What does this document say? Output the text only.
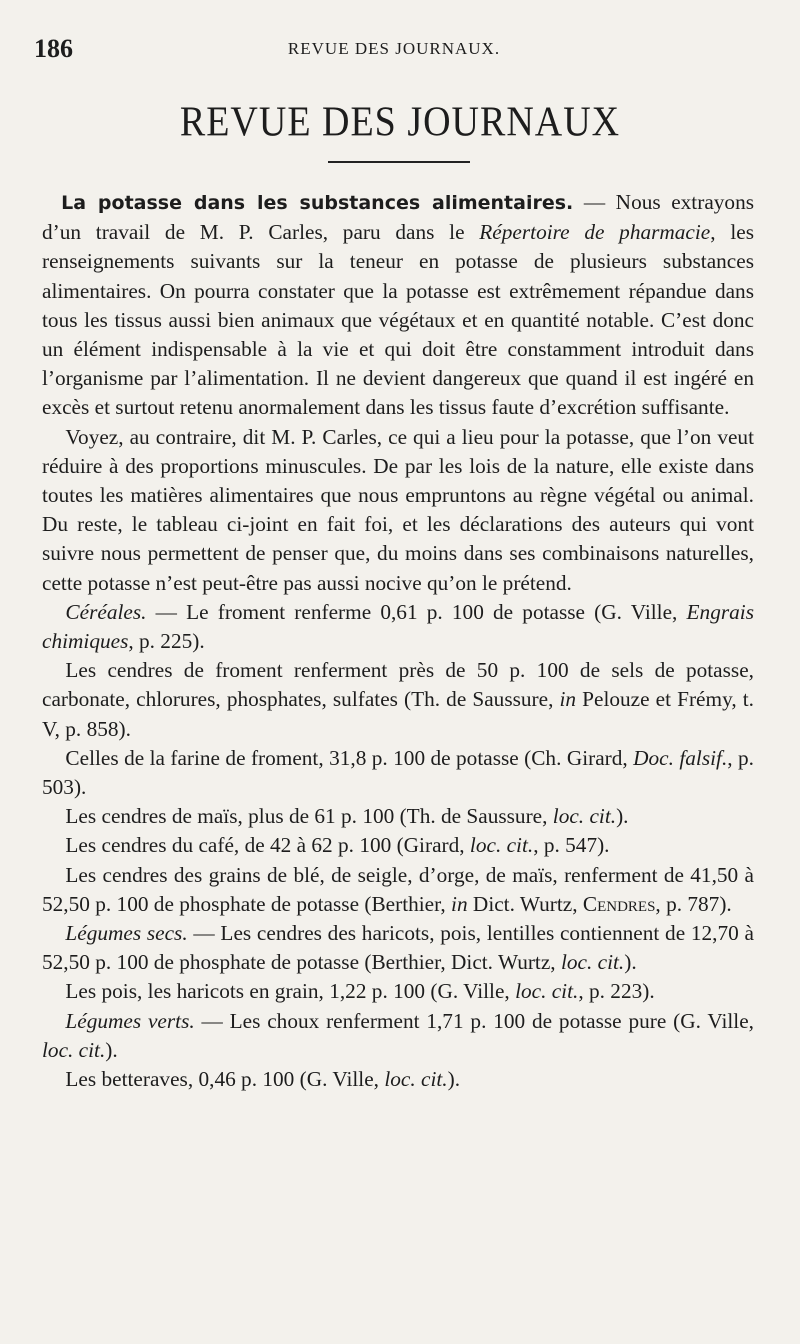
186	REVUE DES JOURNAUX.
REVUE DES JOURNAUX

La potasse dans les substances alimentaires. — Nous extrayons d’un travail de M. P. Carles, paru dans le Répertoire de pharmacie, les renseignements suivants sur la teneur en potasse de plusieurs substances alimentaires. On pourra constater que la potasse est extrêmement répandue dans tous les tissus aussi bien animaux que végétaux et en quantité notable. C’est donc un élément indispensable à la vie et qui doit être constamment introduit dans l’organisme par l’alimentation. Il ne devient dangereux que quand il est ingéré en excès et surtout retenu anormalement dans les tissus faute d’excrétion suffisante.

Voyez, au contraire, dit M. P. Carles, ce qui a lieu pour la potasse, que l’on veut réduire à des proportions minuscules. De par les lois de la nature, elle existe dans toutes les matières alimentaires que nous empruntons au règne végétal ou animal. Du reste, le tableau ci-joint en fait foi, et les déclarations des auteurs qui vont suivre nous permettent de penser que, du moins dans ses combinaisons naturelles, cette potasse n’est peut-être pas aussi nocive qu’on le prétend.

Céréales. — Le froment renferme 0,61 p. 100 de potasse (G. Ville, Engrais chimiques, p. 225).

Les cendres de froment renferment près de 50 p. 100 de sels de potasse, carbonate, chlorures, phosphates, sulfates (Th. de Saussure, in Pelouze et Frémy, t. V, p. 858).

Celles de la farine de froment, 31,8 p. 100 de potasse (Ch. Girard, Doc. falsif., p. 503).

Les cendres de maïs, plus de 61 p. 100 (Th. de Saussure, loc. cit.).

Les cendres du café, de 42 à 62 p. 100 (Girard, loc. cit., p. 547).

Les cendres des grains de blé, de seigle, d’orge, de maïs, renferment de 41,50 à 52,50 p. 100 de phosphate de potasse (Berthier, in Dict. Wurtz, Cendres, p. 787).

Légumes secs. — Les cendres des haricots, pois, lentilles contiennent de 12,70 à 52,50 p. 100 de phosphate de potasse (Berthier, Dict. Wurtz, loc. cit.).

Les pois, les haricots en grain, 1,22 p. 100 (G. Ville, loc. cit., p. 223).

Légumes verts. — Les choux renferment 1,71 p. 100 de potasse pure (G. Ville, loc. cit.).

Les betteraves, 0,46 p. 100 (G. Ville, loc. cit.).
